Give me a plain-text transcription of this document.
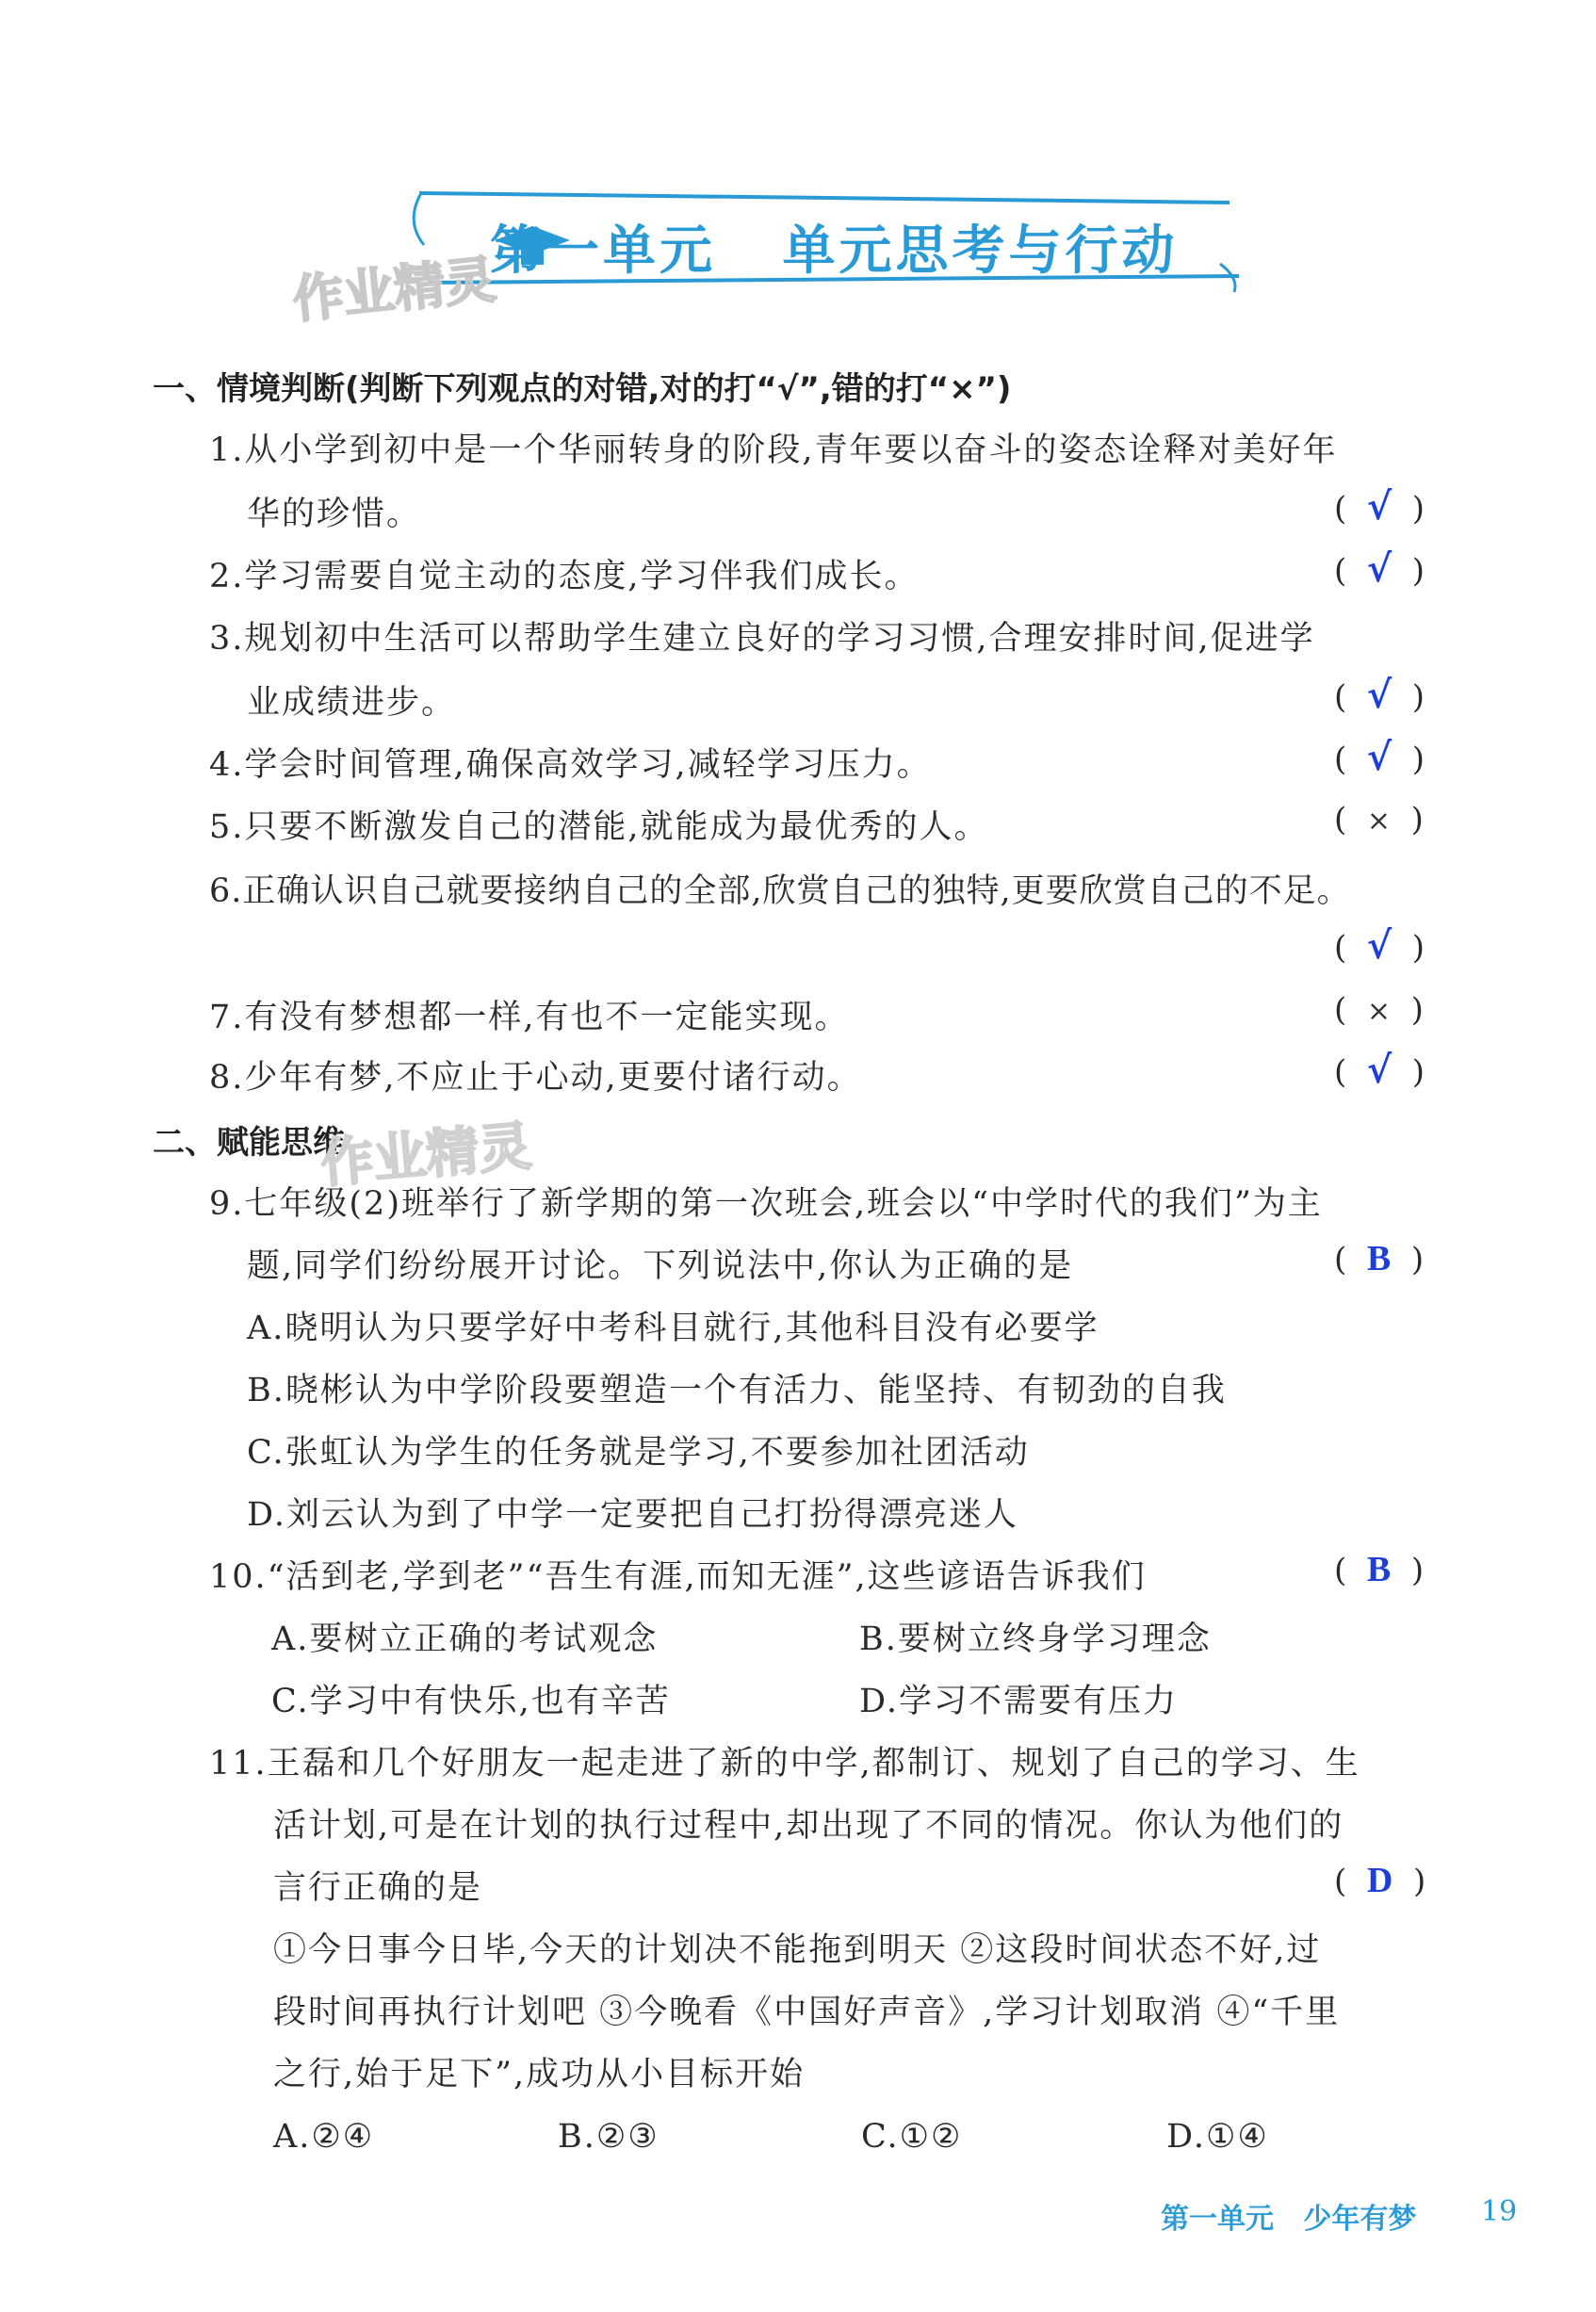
第一单元   单元思考与行动
作业精灵
一、情境判断(判断下列观点的对错,对的打“√”,错的打“×”)
1.从小学到初中是一个华丽转身的阶段,青年要以奋斗的姿态诠释对美好年
华的珍惜。	(  √  )
2.学习需要自觉主动的态度,学习伴我们成长。	(  √  )
3.规划初中生活可以帮助学生建立良好的学习习惯,合理安排时间,促进学
业成绩进步。	(  √  )
4.学会时间管理,确保高效学习,减轻学习压力。	(  √  )
5.只要不断激发自己的潜能,就能成为最优秀的人。	(  ×  )
6.正确认识自己就要接纳自己的全部,欣赏自己的独特,更要欣赏自己的不足。
(  √  )
7.有没有梦想都一样,有也不一定能实现。	(  ×  )
8.少年有梦,不应止于心动,更要付诸行动。	(  √  )
二、赋能思维
作业精灵
9.七年级(2)班举行了新学期的第一次班会,班会以“中学时代的我们”为主
题,同学们纷纷展开讨论。下列说法中,你认为正确的是	(  B  )
A.晓明认为只要学好中考科目就行,其他科目没有必要学
B.晓彬认为中学阶段要塑造一个有活力、能坚持、有韧劲的自我
C.张虹认为学生的任务就是学习,不要参加社团活动
D.刘云认为到了中学一定要把自己打扮得漂亮迷人
10.“活到老,学到老”“吾生有涯,而知无涯”,这些谚语告诉我们	(  B  )
A.要树立正确的考试观念	B.要树立终身学习理念
C.学习中有快乐,也有辛苦	D.学习不需要有压力
11.王磊和几个好朋友一起走进了新的中学,都制订、规划了自己的学习、生
活计划,可是在计划的执行过程中,却出现了不同的情况。你认为他们的
言行正确的是	(  D  )
①今日事今日毕,今天的计划决不能拖到明天 ②这段时间状态不好,过
段时间再执行计划吧 ③今晚看《中国好声音》,学习计划取消 ④“千里
之行,始于足下”,成功从小目标开始
A.②④	B.②③	C.①②	D.①④
第一单元   少年有梦 19
